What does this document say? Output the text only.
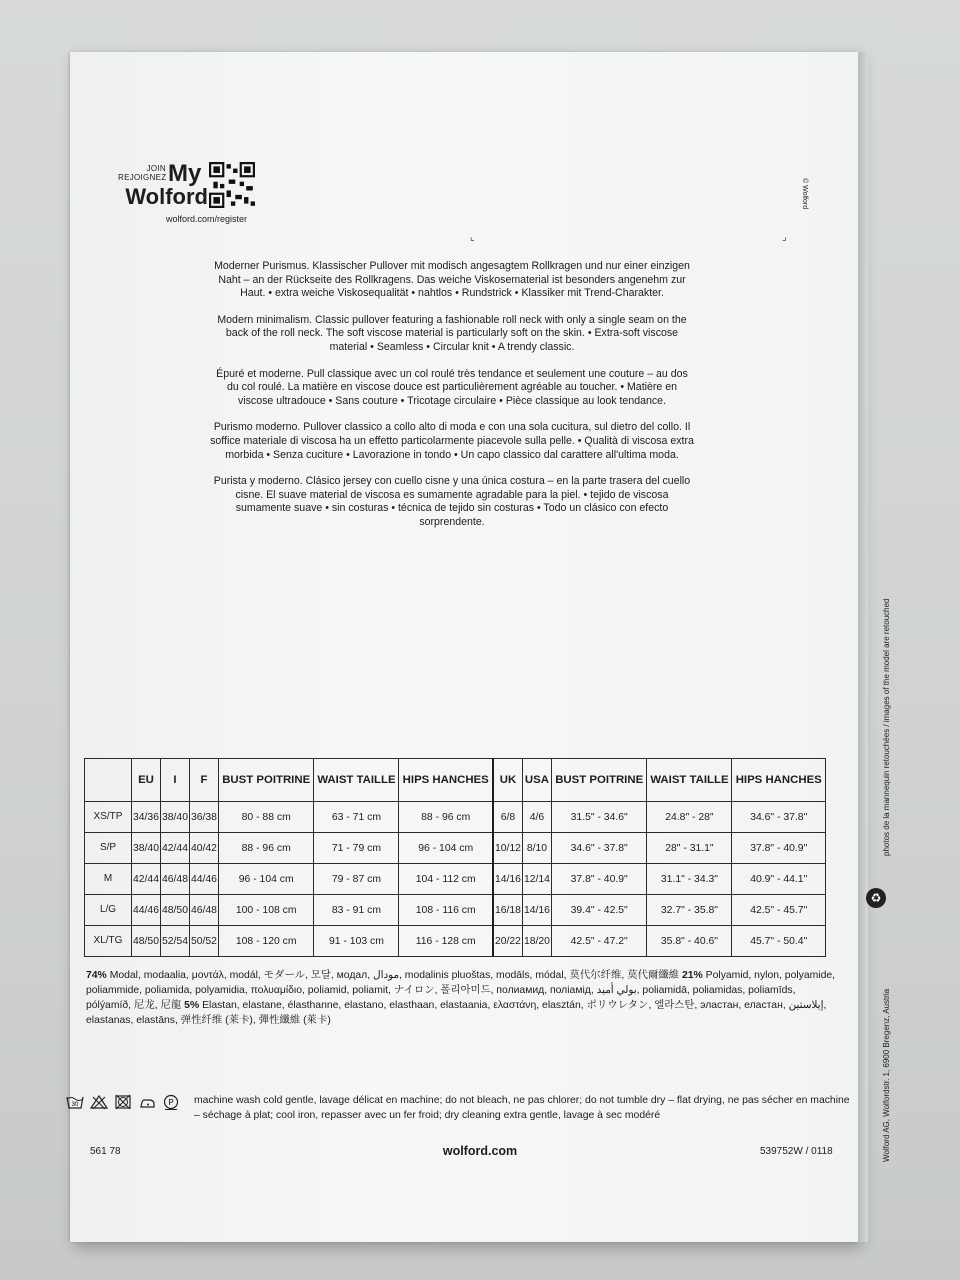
JOIN
REJOIGNEZ My
Wolford
wolford.com/register
© Wolford
⌞	⌟

Moderner Purismus. Klassischer Pullover mit modisch angesagtem Rollkragen und nur einer einzigen Naht – an der Rückseite des Rollkragens. Das weiche Viskosematerial ist besonders angenehm zur Haut. • extra weiche Viskosequalität • nahtlos • Rundstrick • Klassiker mit Trend-Charakter.

Modern minimalism. Classic pullover featuring a fashionable roll neck with only a single seam on the back of the roll neck. The soft viscose material is particularly soft on the skin. • Extra-soft viscose material • Seamless • Circular knit • A trendy classic.

Épuré et moderne. Pull classique avec un col roulé très tendance et seulement une couture – au dos du col roulé. La matière en viscose douce est particulièrement agréable au toucher. • Matière en viscose ultradouce • Sans couture • Tricotage circulaire • Pièce classique au look tendance.

Purismo moderno. Pullover classico a collo alto di moda e con una sola cucitura, sul dietro del collo. Il soffice materiale di viscosa ha un effetto particolarmente piacevole sulla pelle. • Qualità di viscosa extra morbida • Senza cuciture • Lavorazione in tondo • Un capo classico dal carattere all'ultima moda.

Purista y moderno. Clásico jersey con cuello cisne y una única costura – en la parte trasera del cuello cisne. El suave material de viscosa es sumamente agradable para la piel. • tejido de viscosa sumamente suave • sin costuras • técnica de tejido sin costuras • Todo un clásico con efecto sorprendente.

	EU	I	F	BUST POITRINE	WAIST TAILLE	HIPS HANCHES	UK	USA	BUST POITRINE	WAIST TAILLE	HIPS HANCHES
XS/TP	34/36	38/40	36/38	80 - 88 cm	63 - 71 cm	88 - 96 cm	6/8	4/6	31.5" - 34.6"	24.8" - 28"	34.6" - 37.8"
S/P	38/40	42/44	40/42	88 - 96 cm	71 - 79 cm	96 - 104 cm	10/12	8/10	34.6" - 37.8"	28" - 31.1"	37.8" - 40.9"
M	42/44	46/48	44/46	96 - 104 cm	79 - 87 cm	104 - 112 cm	14/16	12/14	37.8" - 40.9"	31.1" - 34.3"	40.9" - 44.1"
L/G	44/46	48/50	46/48	100 - 108 cm	83 - 91 cm	108 - 116 cm	16/18	14/16	39.4" - 42.5"	32.7" - 35.8"	42.5" - 45.7"
XL/TG	48/50	52/54	50/52	108 - 120 cm	91 - 103 cm	116 - 128 cm	20/22	18/20	42.5" - 47.2"	35.8" - 40.6"	45.7" - 50.4"
74% Modal, modaalia, μοντάλ, modál, モダール, 모달, модал, مودال, modalinis pluoštas, modāls, módal, 莫代尔纤维, 莫代爾纖維 21% Polyamid, nylon, polyamide, poliammide, poliamida, polyamidia, πολυαμίδιο, poliamid, poliamit, ナイロン, 폴리아미드, полиамид, поліамід, بولي أميد, poliamidā, poliamidas, poliamīds, pólýamíð, 尼龙, 尼龍 5% Elastan, elastane, élasthanne, elastano, elasthaan, elastaania, ελαστάνη, elasztán, ポリウレタン, 엘라스탄, эластан, еластан, إيلاستين, elastanas, elastāns, 弹性纤维 (莱卡), 彈性纖維 (萊卡)
30	P machine wash cold gentle, lavage délicat en machine; do not bleach, ne pas chlorer; do not tumble dry – flat drying, ne pas sécher en machine – séchage à plat; cool iron, repasser avec un fer froid; dry cleaning extra gentle, lavage à sec modéré
561 78	wolford.com	539752W / 0118
photos de la mannequin retouchées / images of the model are retouched
♻
Wolford AG, Wolfordstr. 1, 6900 Bregenz, Austria
